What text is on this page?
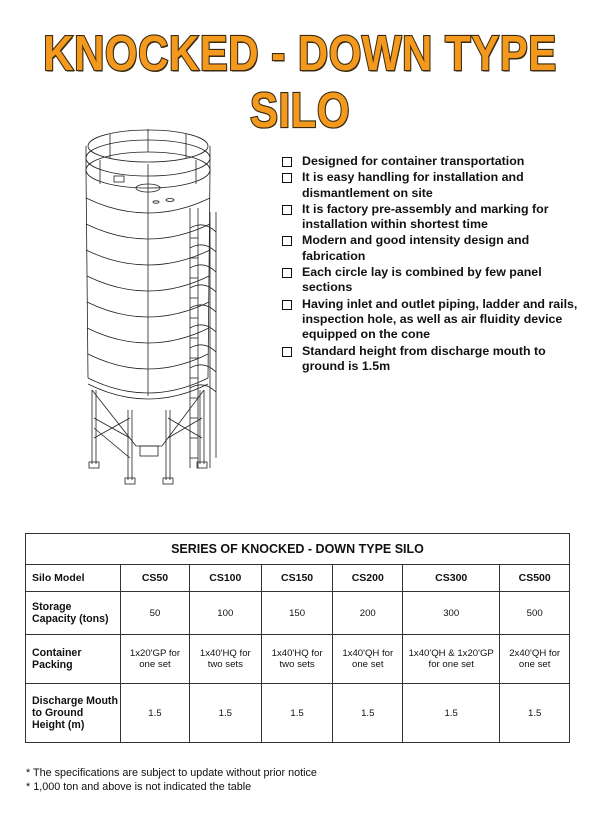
KNOCKED - DOWN TYPE SILO
Designed for container transportation
It is easy handling for installation and dismantlement on site
It is factory pre-assembly and marking for installation within shortest time
Modern and good intensity design and fabrication
Each circle lay is combined by few panel sections
Having inlet and outlet piping, ladder and rails, inspection hole, as well as air fluidity device equipped on the cone
Standard height from discharge mouth to ground is 1.5m
SERIES OF KNOCKED - DOWN TYPE SILO						
Silo Model	CS50	CS100	CS150	CS200	CS300	CS500
Storage Capacity (tons)	50	100	150	200	300	500
Container Packing	1x20'GP for one set	1x40'HQ for two sets	1x40'HQ for two sets	1x40'QH for one set	1x40'QH & 1x20'GP for one set	2x40'QH for one set
Discharge Mouth to Ground Height (m)	1.5	1.5	1.5	1.5	1.5	1.5
* The specifications are subject to update without prior notice
* 1,000 ton and above is not indicated the table
